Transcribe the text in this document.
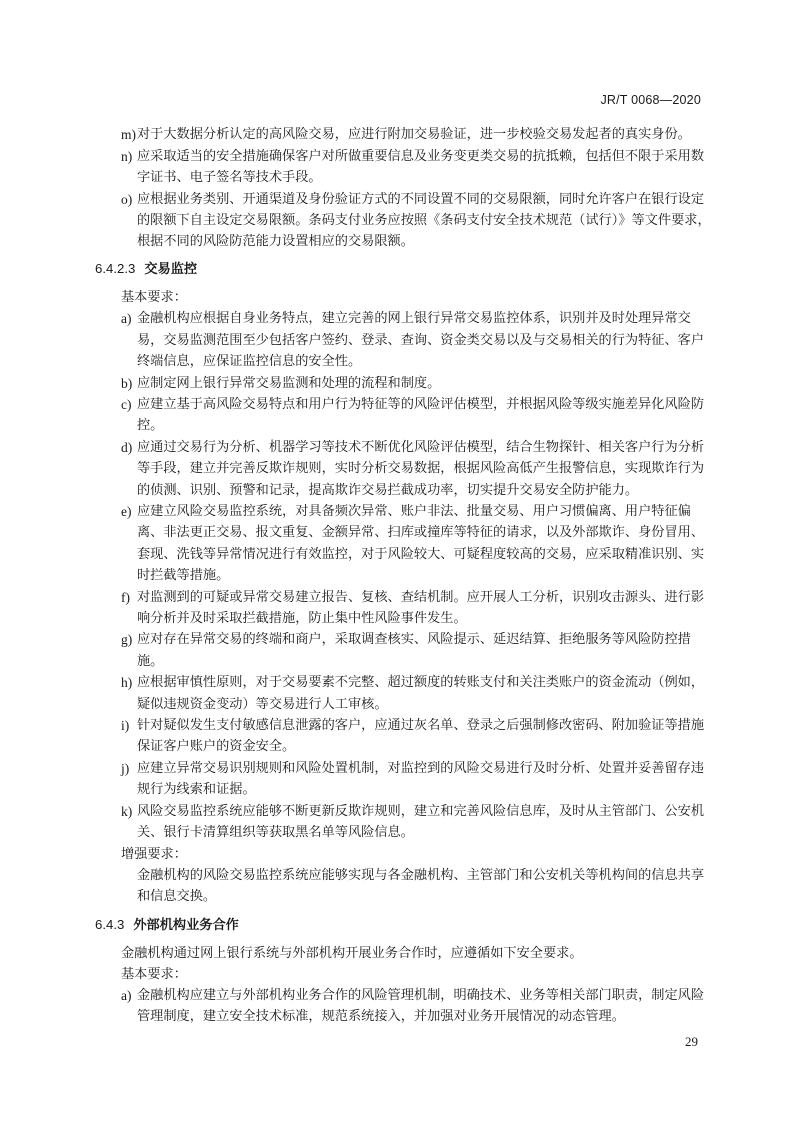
JR/T 0068—2020
m) 对于大数据分析认定的高风险交易，应进行附加交易验证，进一步校验交易发起者的真实身份。
n) 应采取适当的安全措施确保客户对所做重要信息及业务变更类交易的抗抵赖，包括但不限于采用数字证书、电子签名等技术手段。
o) 应根据业务类别、开通渠道及身份验证方式的不同设置不同的交易限额，同时允许客户在银行设定的限额下自主设定交易限额。条码支付业务应按照《条码支付安全技术规范（试行）》等文件要求，根据不同的风险防范能力设置相应的交易限额。
6.4.2.3 交易监控
基本要求：
a) 金融机构应根据自身业务特点，建立完善的网上银行异常交易监控体系，识别并及时处理异常交易，交易监测范围至少包括客户签约、登录、查询、资金类交易以及与交易相关的行为特征、客户终端信息，应保证监控信息的安全性。
b) 应制定网上银行异常交易监测和处理的流程和制度。
c) 应建立基于高风险交易特点和用户行为特征等的风险评估模型，并根据风险等级实施差异化风险防控。
d) 应通过交易行为分析、机器学习等技术不断优化风险评估模型，结合生物探针、相关客户行为分析等手段，建立并完善反欺诈规则，实时分析交易数据，根据风险高低产生报警信息，实现欺诈行为的侦测、识别、预警和记录，提高欺诈交易拦截成功率，切实提升交易安全防护能力。
e) 应建立风险交易监控系统，对具备频次异常、账户非法、批量交易、用户习惯偏离、用户特征偏离、非法更正交易、报文重复、金额异常、扫库或撞库等特征的请求，以及外部欺诈、身份冒用、套现、洗钱等异常情况进行有效监控，对于风险较大、可疑程度较高的交易，应采取精准识别、实时拦截等措施。
f) 对监测到的可疑或异常交易建立报告、复核、查结机制。应开展人工分析，识别攻击源头、进行影响分析并及时采取拦截措施，防止集中性风险事件发生。
g) 应对存在异常交易的终端和商户，采取调查核实、风险提示、延迟结算、拒绝服务等风险防控措施。
h) 应根据审慎性原则，对于交易要素不完整、超过额度的转账支付和关注类账户的资金流动（例如，疑似违规资金变动）等交易进行人工审核。
i) 针对疑似发生支付敏感信息泄露的客户，应通过灰名单、登录之后强制修改密码、附加验证等措施保证客户账户的资金安全。
j) 应建立异常交易识别规则和风险处置机制，对监控到的风险交易进行及时分析、处置并妥善留存违规行为线索和证据。
k) 风险交易监控系统应能够不断更新反欺诈规则，建立和完善风险信息库，及时从主管部门、公安机关、银行卡清算组织等获取黑名单等风险信息。
增强要求：
金融机构的风险交易监控系统应能够实现与各金融机构、主管部门和公安机关等机构间的信息共享和信息交换。
6.4.3 外部机构业务合作
金融机构通过网上银行系统与外部机构开展业务合作时，应遵循如下安全要求。
基本要求：
a) 金融机构应建立与外部机构业务合作的风险管理机制，明确技术、业务等相关部门职责，制定风险管理制度，建立安全技术标准，规范系统接入，并加强对业务开展情况的动态管理。
29
